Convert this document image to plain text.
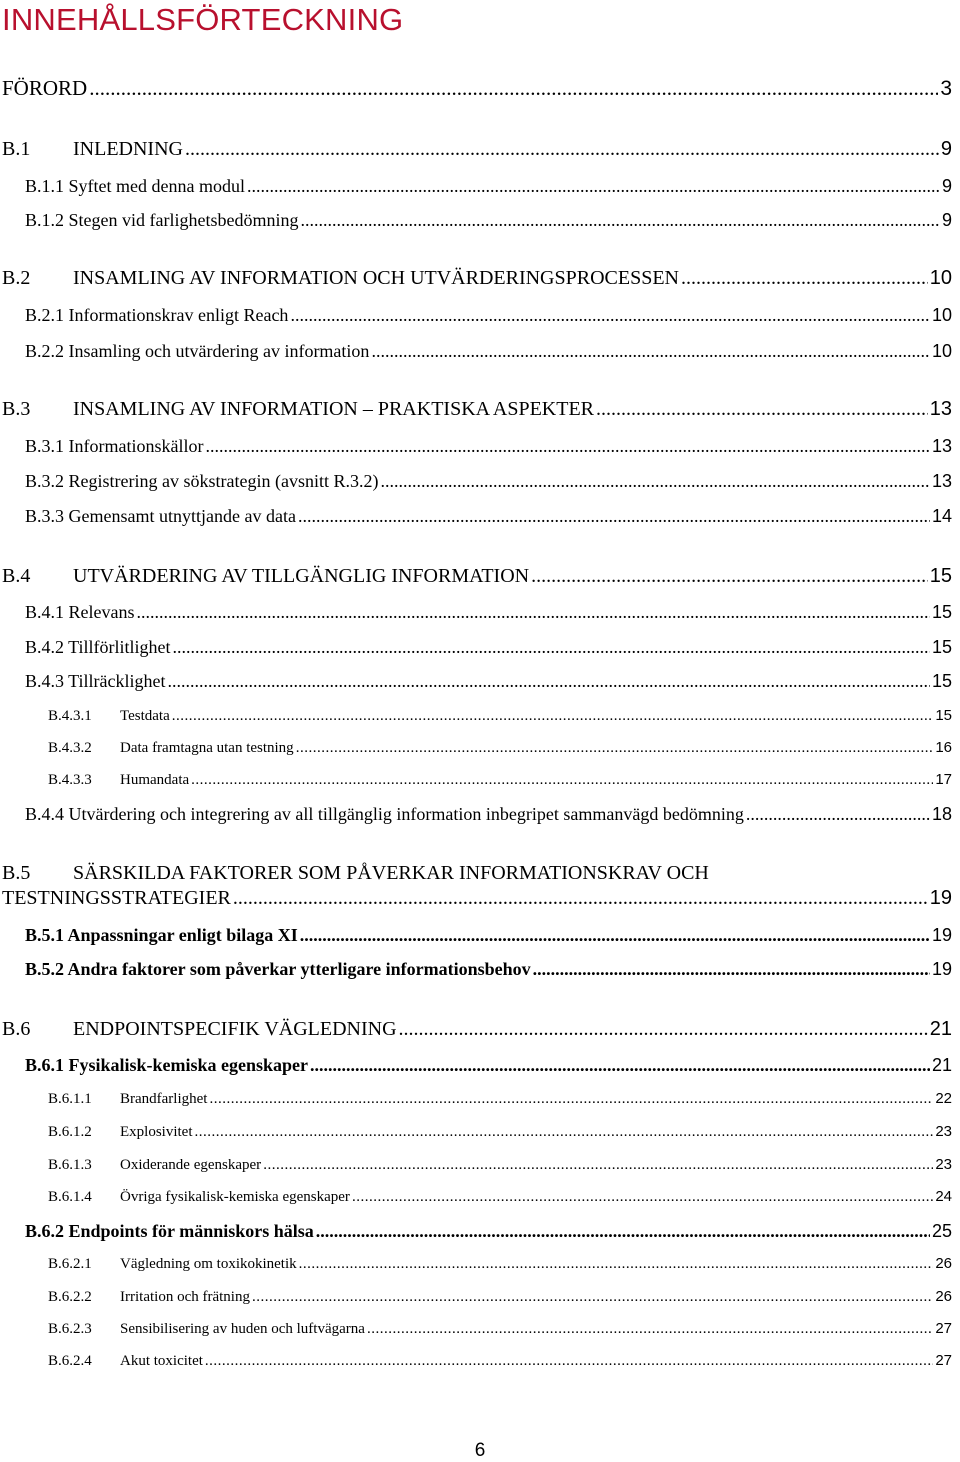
INNEHÅLLSFÖRTECKNING
FÖRORD .....	3
B.1	INLEDNING .....	9
B.1.1 Syftet med denna modul .....	9
B.1.2 Stegen vid farlighetsbedömning .....	9
B.2	INSAMLING AV INFORMATION OCH UTVÄRDERINGSPROCESSEN .....	10
B.2.1 Informationskrav enligt Reach .....	10
B.2.2 Insamling och utvärdering av information .....	10
B.3	INSAMLING AV INFORMATION – PRAKTISKA ASPEKTER .....	13
B.3.1 Informationskällor .....	13
B.3.2 Registrering av sökstrategin (avsnitt R.3.2) .....	13
B.3.3 Gemensamt utnyttjande av data .....	14
B.4	UTVÄRDERING AV TILLGÄNGLIG INFORMATION .....	15
B.4.1 Relevans .....	15
B.4.2 Tillförlitlighet .....	15
B.4.3 Tillräcklighet .....	15
B.4.3.1	Testdata .....	15
B.4.3.2	Data framtagna utan testning .....	16
B.4.3.3	Humandata .....	17
B.4.4 Utvärdering och integrering av all tillgänglig information inbegripet sammanvägd bedömning .....	18
B.5 SÄRSKILDA FAKTORER SOM PÅVERKAR INFORMATIONSKRAV OCH
TESTNINGSSTRATEGIER .....	19
B.5.1 Anpassningar enligt bilaga XI .....	19
B.5.2 Andra faktorer som påverkar ytterligare informationsbehov .....	19
B.6	ENDPOINTSPECIFIK VÄGLEDNING .....	21
B.6.1 Fysikalisk-kemiska egenskaper .....	21
B.6.1.1	Brandfarlighet .....	22
B.6.1.2	Explosivitet .....	23
B.6.1.3	Oxiderande egenskaper .....	23
B.6.1.4	Övriga fysikalisk-kemiska egenskaper .....	24
B.6.2 Endpoints för människors hälsa .....	25
B.6.2.1	Vägledning om toxikokinetik .....	26
B.6.2.2	Irritation och frätning .....	26
B.6.2.3	Sensibilisering av huden och luftvägarna .....	27
B.6.2.4	Akut toxicitet .....	27
6
